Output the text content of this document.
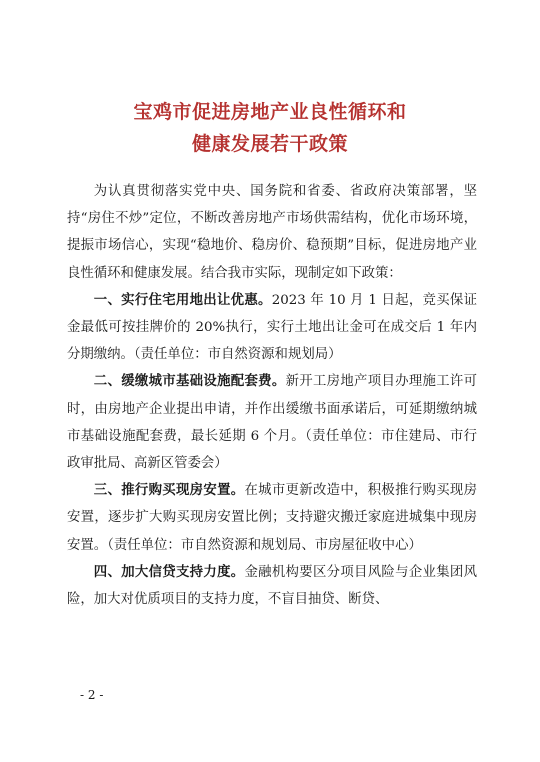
宝鸡市促进房地产业良性循环和
健康发展若干政策

为认真贯彻落实党中央、国务院和省委、省政府决策部署，坚持“房住不炒”定位，不断改善房地产市场供需结构，优化市场环境，提振市场信心，实现“稳地价、稳房价、稳预期”目标，促进房地产业良性循环和健康发展。结合我市实际，现制定如下政策：

一、实行住宅用地出让优惠。2023 年 10 月 1 日起，竞买保证金最低可按挂牌价的 20%执行，实行土地出让金可在成交后 1 年内分期缴纳。（责任单位：市自然资源和规划局）

二、缓缴城市基础设施配套费。新开工房地产项目办理施工许可时，由房地产企业提出申请，并作出缓缴书面承诺后，可延期缴纳城市基础设施配套费，最长延期 6 个月。（责任单位：市住建局、市行政审批局、高新区管委会）

三、推行购买现房安置。在城市更新改造中，积极推行购买现房安置，逐步扩大购买现房安置比例；支持避灾搬迁家庭进城集中现房安置。（责任单位：市自然资源和规划局、市房屋征收中心）

四、加大信贷支持力度。金融机构要区分项目风险与企业集团风险，加大对优质项目的支持力度，不盲目抽贷、断贷、

- 2 -
